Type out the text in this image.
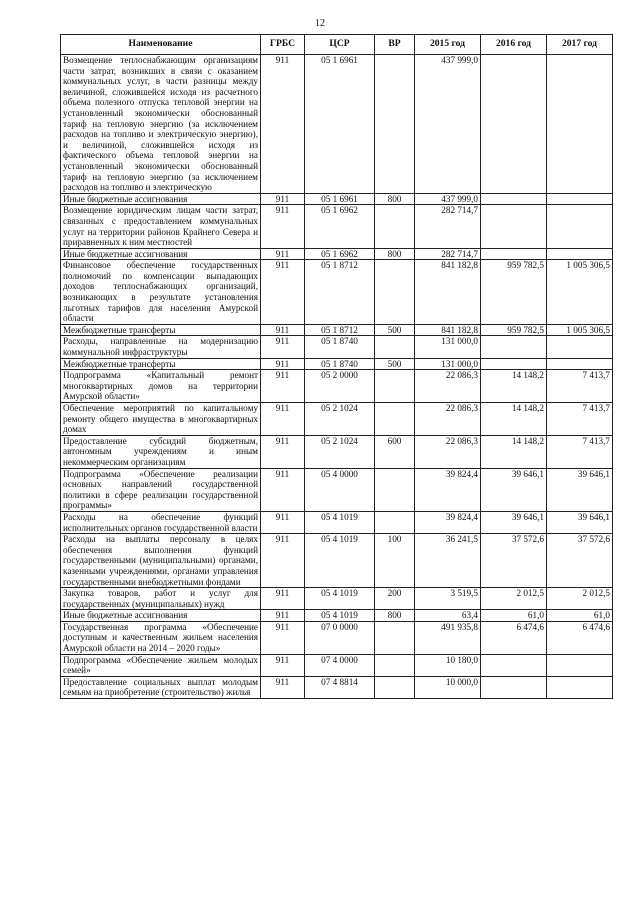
12
Наименование	ГРБС	ЦСР	ВР	2015 год	2016 год	2017 год
Возмещение теплоснабжающим организациям части затрат, возникших в связи с оказанием коммунальных услуг, в части разницы между величиной, сложившейся исходя из расчетного объема полезного отпуска тепловой энергии на установленный экономически обоснованный тариф на тепловую энергию (за исключением расходов на топливо и электрическую энергию), и величиной, сложившейся исходя из фактического объема тепловой энергии на установленный экономически обоснованный тариф на тепловую энергию (за исключением расходов на топливо и электрическую	911	05 1 6961		437 999,0		
Иные бюджетные ассигнования	911	05 1 6961	800	437 999,0		
Возмещение юридическим лицам части затрат, связанных с предоставлением коммунальных услуг на территории районов Крайнего Севера и приравненных к ним местностей	911	05 1 6962		282 714,7		
Иные бюджетные ассигнования	911	05 1 6962	800	282 714,7		
Финансовое обеспечение государственных полномочий по компенсации выпадающих доходов теплоснабжающих организаций, возникающих в результате установления льготных тарифов для населения Амурской области	911	05 1 8712		841 182,8	959 782,5	1 005 306,5
Межбюджетные трансферты	911	05 1 8712	500	841 182,8	959 782,5	1 005 306,5
Расходы, направленные на модернизацию коммунальной инфраструктуры	911	05 1 8740		131 000,0		
Межбюджетные трансферты	911	05 1 8740	500	131 000,0		
Подпрограмма «Капитальный ремонт многоквартирных домов на территории Амурской области»	911	05 2 0000		22 086,3	14 148,2	7 413,7
Обеспечение мероприятий по капитальному ремонту общего имущества в многоквартирных домах	911	05 2 1024		22 086,3	14 148,2	7 413,7
Предоставление субсидий бюджетным, автономным учреждениям и иным некоммерческим организациям	911	05 2 1024	600	22 086,3	14 148,2	7 413,7
Подпрограмма «Обеспечение реализации основных направлений государственной политики в сфере реализации государственной программы»	911	05 4 0000		39 824,4	39 646,1	39 646,1
Расходы на обеспечение функций исполнительных органов государственной власти	911	05 4 1019		39 824,4	39 646,1	39 646,1
Расходы на выплаты персоналу в целях обеспечения выполнения функций государственными (муниципальными) органами, казенными учреждениями, органами управления государственными внебюджетными фондами	911	05 4 1019	100	36 241,5	37 572,6	37 572,6
Закупка товаров, работ и услуг для государственных (муниципальных) нужд	911	05 4 1019	200	3 519,5	2 012,5	2 012,5
Иные бюджетные ассигнования	911	05 4 1019	800	63,4	61,0	61,0
Государственная программа «Обеспечение доступным и качественным жильем населения Амурской области на 2014 – 2020 годы»	911	07 0 0000		491 935,8	6 474,6	6 474,6
Подпрограмма «Обеспечение жильем молодых семей»	911	07 4 0000		10 180,0		
Предоставление социальных выплат молодым семьям на приобретение (строительство) жилья	911	07 4 8814		10 000,0		
